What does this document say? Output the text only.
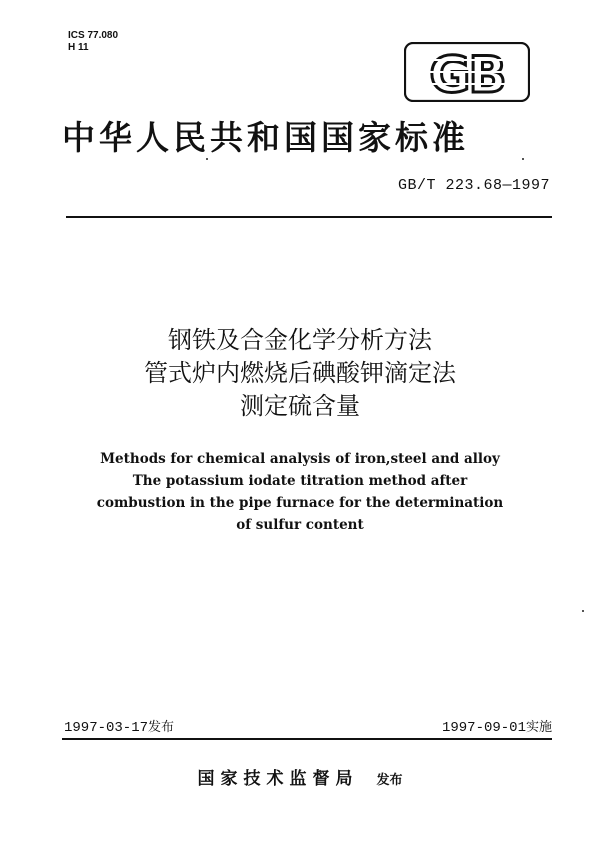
ICS 77.080
H 11	GB
中华人民共和国国家标准
GB/T 223.68—1997
钢铁及合金化学分析方法
管式炉内燃烧后碘酸钾滴定法
测定硫含量
Methods for chemical analysis of iron,steel and alloy
The potassium iodate titration method after
combustion in the pipe furnace for the determination
of sulfur content
1997-03-17发布	1997-09-01实施
国家技术监督局 发布
